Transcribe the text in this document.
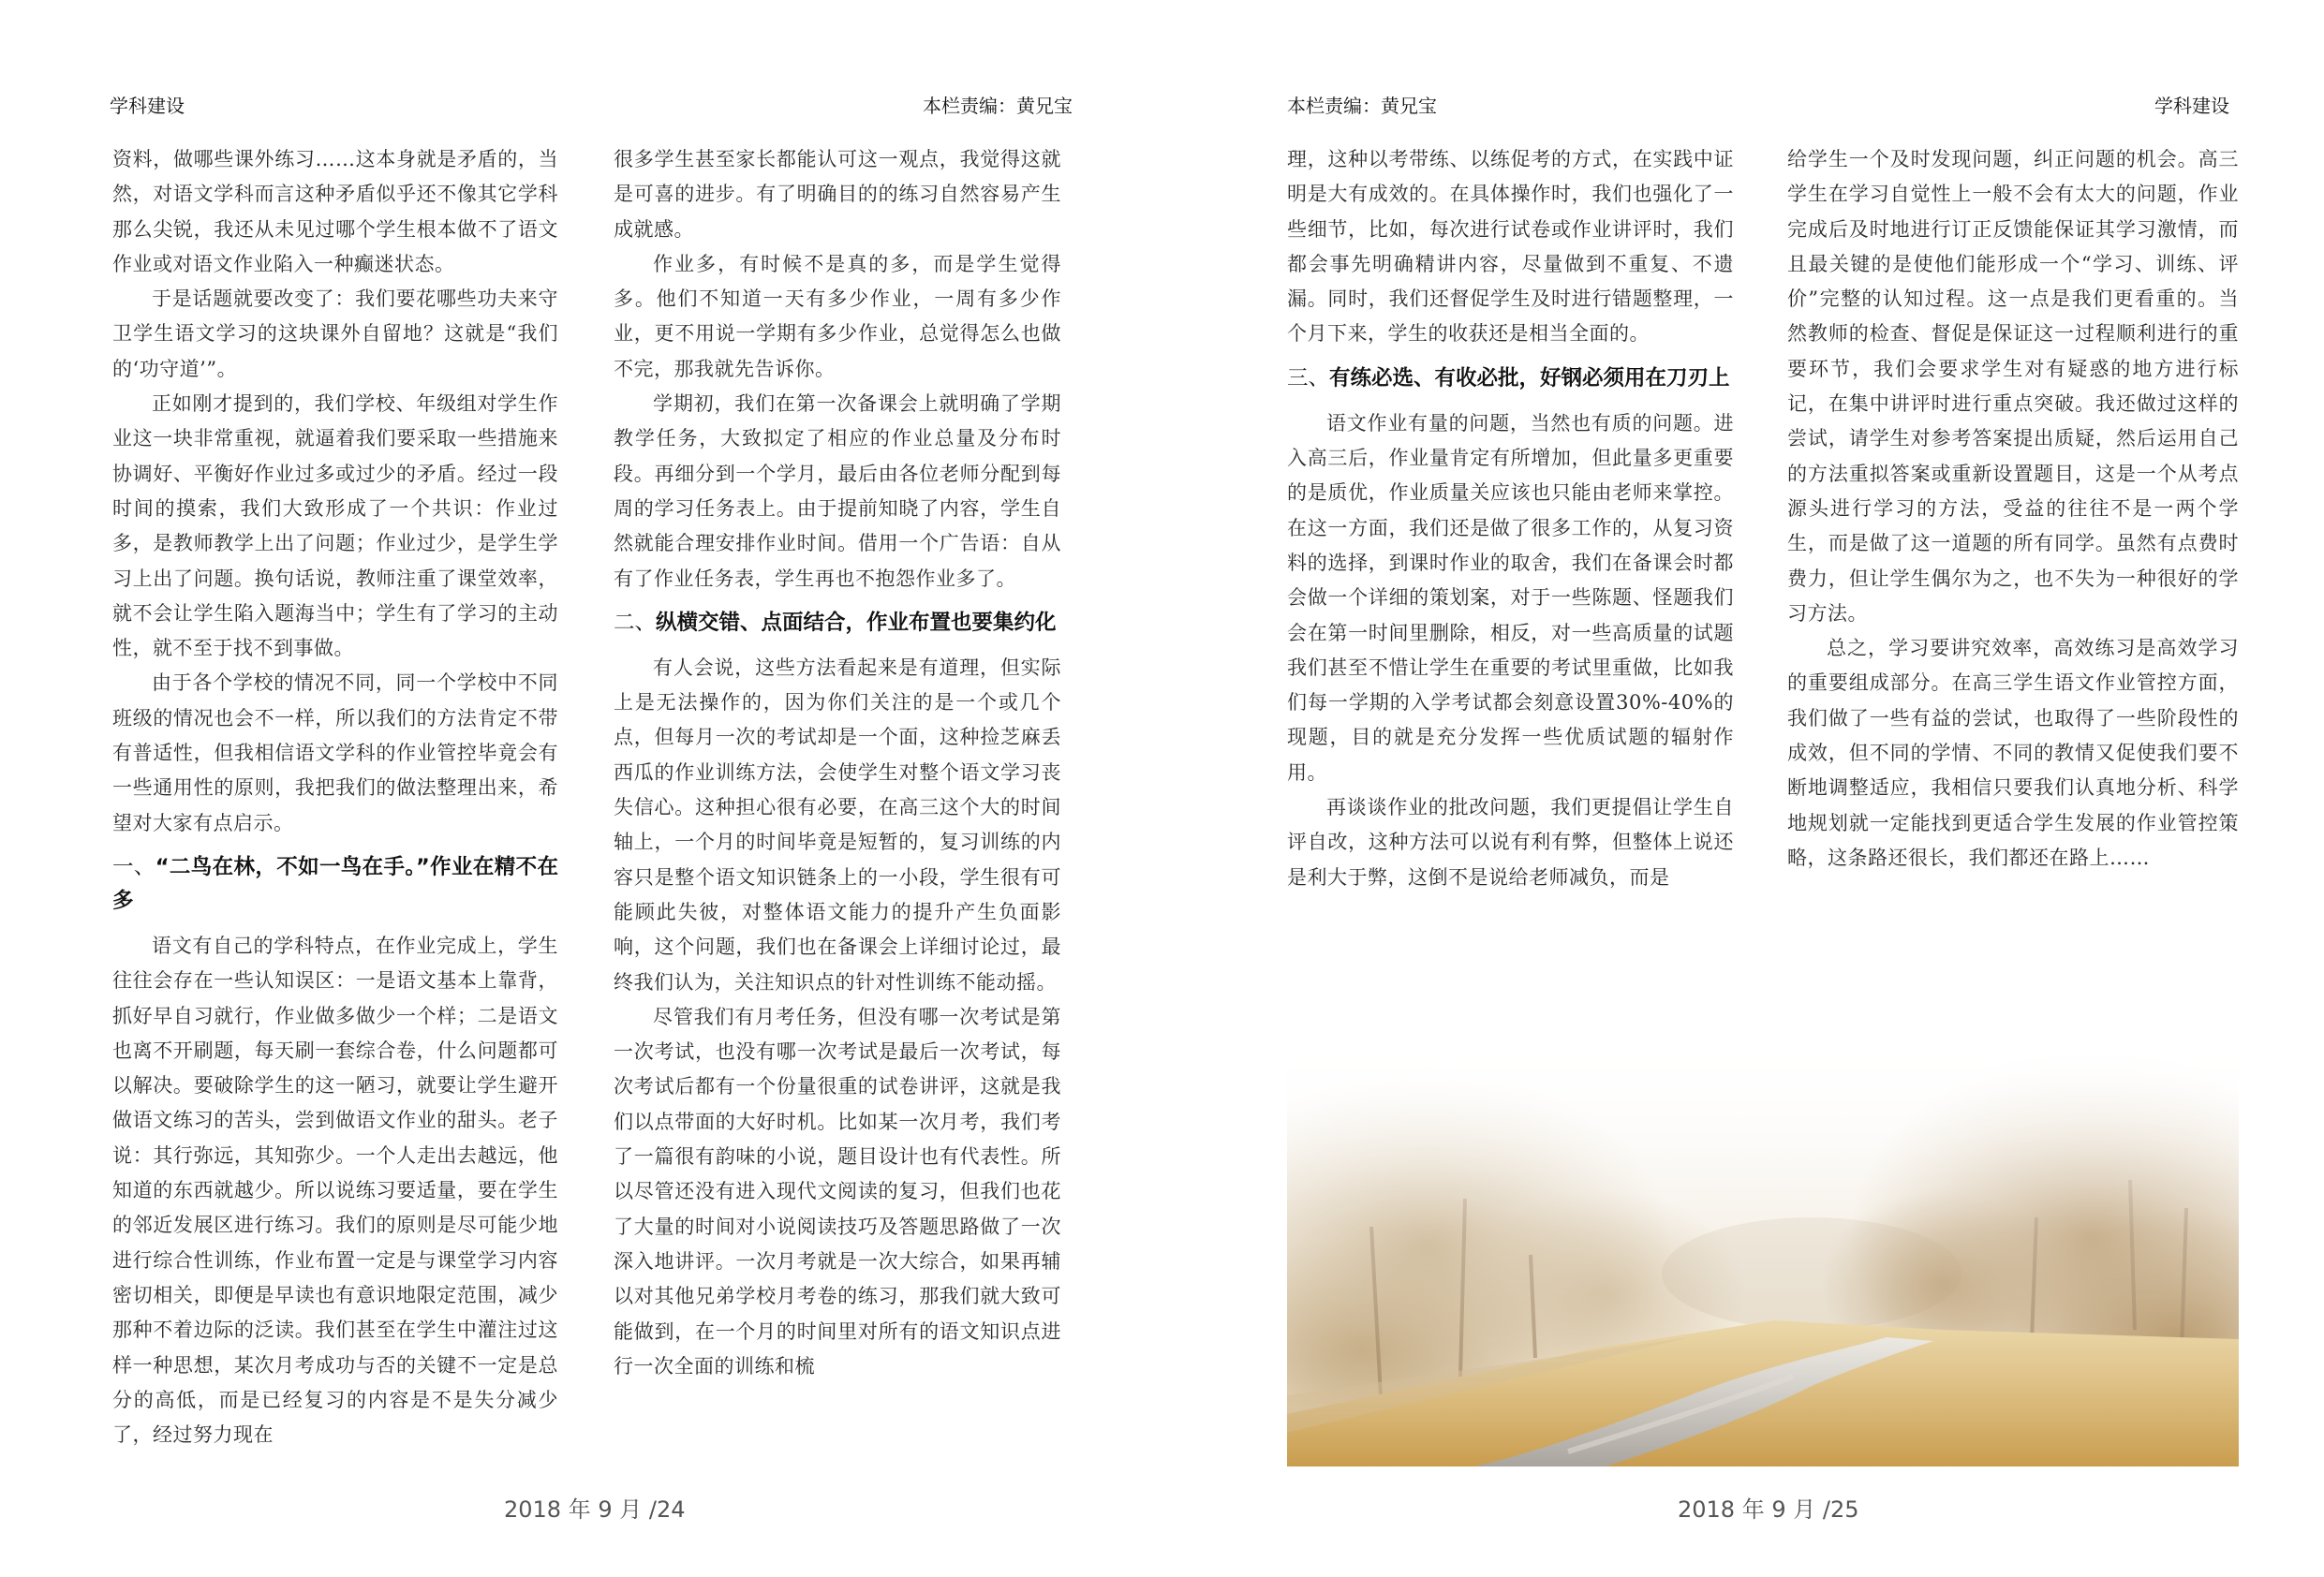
学科建设	本栏责编：黄兄宝

资料，做哪些课外练习……这本身就是矛盾的，当然，对语文学科而言这种矛盾似乎还不像其它学科那么尖锐，我还从未见过哪个学生根本做不了语文作业或对语文作业陷入一种癫迷状态。

于是话题就要改变了：我们要花哪些功夫来守卫学生语文学习的这块课外自留地？这就是“我们的‘功守道’”。

正如刚才提到的，我们学校、年级组对学生作业这一块非常重视，就逼着我们要采取一些措施来协调好、平衡好作业过多或过少的矛盾。经过一段时间的摸索，我们大致形成了一个共识：作业过多，是教师教学上出了问题；作业过少，是学生学习上出了问题。换句话说，教师注重了课堂效率，就不会让学生陷入题海当中；学生有了学习的主动性，就不至于找不到事做。

由于各个学校的情况不同，同一个学校中不同班级的情况也会不一样，所以我们的方法肯定不带有普适性，但我相信语文学科的作业管控毕竟会有一些通用性的原则，我把我们的做法整理出来，希望对大家有点启示。

一、“二鸟在林，不如一鸟在手。”作业在精不在多

语文有自己的学科特点，在作业完成上，学生往往会存在一些认知误区：一是语文基本上靠背，抓好早自习就行，作业做多做少一个样；二是语文也离不开刷题，每天刷一套综合卷，什么问题都可以解决。要破除学生的这一陋习，就要让学生避开做语文练习的苦头，尝到做语文作业的甜头。老子说：其行弥远，其知弥少。一个人走出去越远，他知道的东西就越少。所以说练习要适量，要在学生的邻近发展区进行练习。我们的原则是尽可能少地进行综合性训练，作业布置一定是与课堂学习内容密切相关，即便是早读也有意识地限定范围，减少那种不着边际的泛读。我们甚至在学生中灌注过这样一种思想，某次月考成功与否的关键不一定是总分的高低，而是已经复习的内容是不是失分减少了，经过努力现在

很多学生甚至家长都能认可这一观点，我觉得这就是可喜的进步。有了明确目的的练习自然容易产生成就感。

作业多，有时候不是真的多，而是学生觉得多。他们不知道一天有多少作业，一周有多少作业，更不用说一学期有多少作业，总觉得怎么也做不完，那我就先告诉你。

学期初，我们在第一次备课会上就明确了学期教学任务，大致拟定了相应的作业总量及分布时段。再细分到一个学月，最后由各位老师分配到每周的学习任务表上。由于提前知晓了内容，学生自然就能合理安排作业时间。借用一个广告语：自从有了作业任务表，学生再也不抱怨作业多了。

二、纵横交错、点面结合，作业布置也要集约化

有人会说，这些方法看起来是有道理，但实际上是无法操作的，因为你们关注的是一个或几个点，但每月一次的考试却是一个面，这种捡芝麻丢西瓜的作业训练方法，会使学生对整个语文学习丧失信心。这种担心很有必要，在高三这个大的时间轴上，一个月的时间毕竟是短暂的，复习训练的内容只是整个语文知识链条上的一小段，学生很有可能顾此失彼，对整体语文能力的提升产生负面影响，这个问题，我们也在备课会上详细讨论过，最终我们认为，关注知识点的针对性训练不能动摇。

尽管我们有月考任务，但没有哪一次考试是第一次考试，也没有哪一次考试是最后一次考试，每次考试后都有一个份量很重的试卷讲评，这就是我们以点带面的大好时机。比如某一次月考，我们考了一篇很有韵味的小说，题目设计也有代表性。所以尽管还没有进入现代文阅读的复习，但我们也花了大量的时间对小说阅读技巧及答题思路做了一次深入地讲评。一次月考就是一次大综合，如果再辅以对其他兄弟学校月考卷的练习，那我们就大致可能做到，在一个月的时间里对所有的语文知识点进行一次全面的训练和梳

2018 年 9 月 /24
本栏责编：黄兄宝	学科建设

理，这种以考带练、以练促考的方式，在实践中证明是大有成效的。在具体操作时，我们也强化了一些细节，比如，每次进行试卷或作业讲评时，我们都会事先明确精讲内容，尽量做到不重复、不遗漏。同时，我们还督促学生及时进行错题整理，一个月下来，学生的收获还是相当全面的。

三、有练必选、有收必批，好钢必须用在刀刃上

语文作业有量的问题，当然也有质的问题。进入高三后，作业量肯定有所增加，但此量多更重要的是质优，作业质量关应该也只能由老师来掌控。在这一方面，我们还是做了很多工作的，从复习资料的选择，到课时作业的取舍，我们在备课会时都会做一个详细的策划案，对于一些陈题、怪题我们会在第一时间里删除，相反，对一些高质量的试题我们甚至不惜让学生在重要的考试里重做，比如我们每一学期的入学考试都会刻意设置30%-40%的现题，目的就是充分发挥一些优质试题的辐射作用。

再谈谈作业的批改问题，我们更提倡让学生自评自改，这种方法可以说有利有弊，但整体上说还是利大于弊，这倒不是说给老师减负，而是

给学生一个及时发现问题，纠正问题的机会。高三学生在学习自觉性上一般不会有太大的问题，作业完成后及时地进行订正反馈能保证其学习激情，而且最关键的是使他们能形成一个“学习、训练、评价”完整的认知过程。这一点是我们更看重的。当然教师的检查、督促是保证这一过程顺利进行的重要环节，我们会要求学生对有疑惑的地方进行标记，在集中讲评时进行重点突破。我还做过这样的尝试，请学生对参考答案提出质疑，然后运用自己的方法重拟答案或重新设置题目，这是一个从考点源头进行学习的方法，受益的往往不是一两个学生，而是做了这一道题的所有同学。虽然有点费时费力，但让学生偶尔为之，也不失为一种很好的学习方法。

总之，学习要讲究效率，高效练习是高效学习的重要组成部分。在高三学生语文作业管控方面，我们做了一些有益的尝试，也取得了一些阶段性的成效，但不同的学情、不同的教情又促使我们要不断地调整适应，我相信只要我们认真地分析、科学地规划就一定能找到更适合学生发展的作业管控策略，这条路还很长，我们都还在路上……

2018 年 9 月 /25
